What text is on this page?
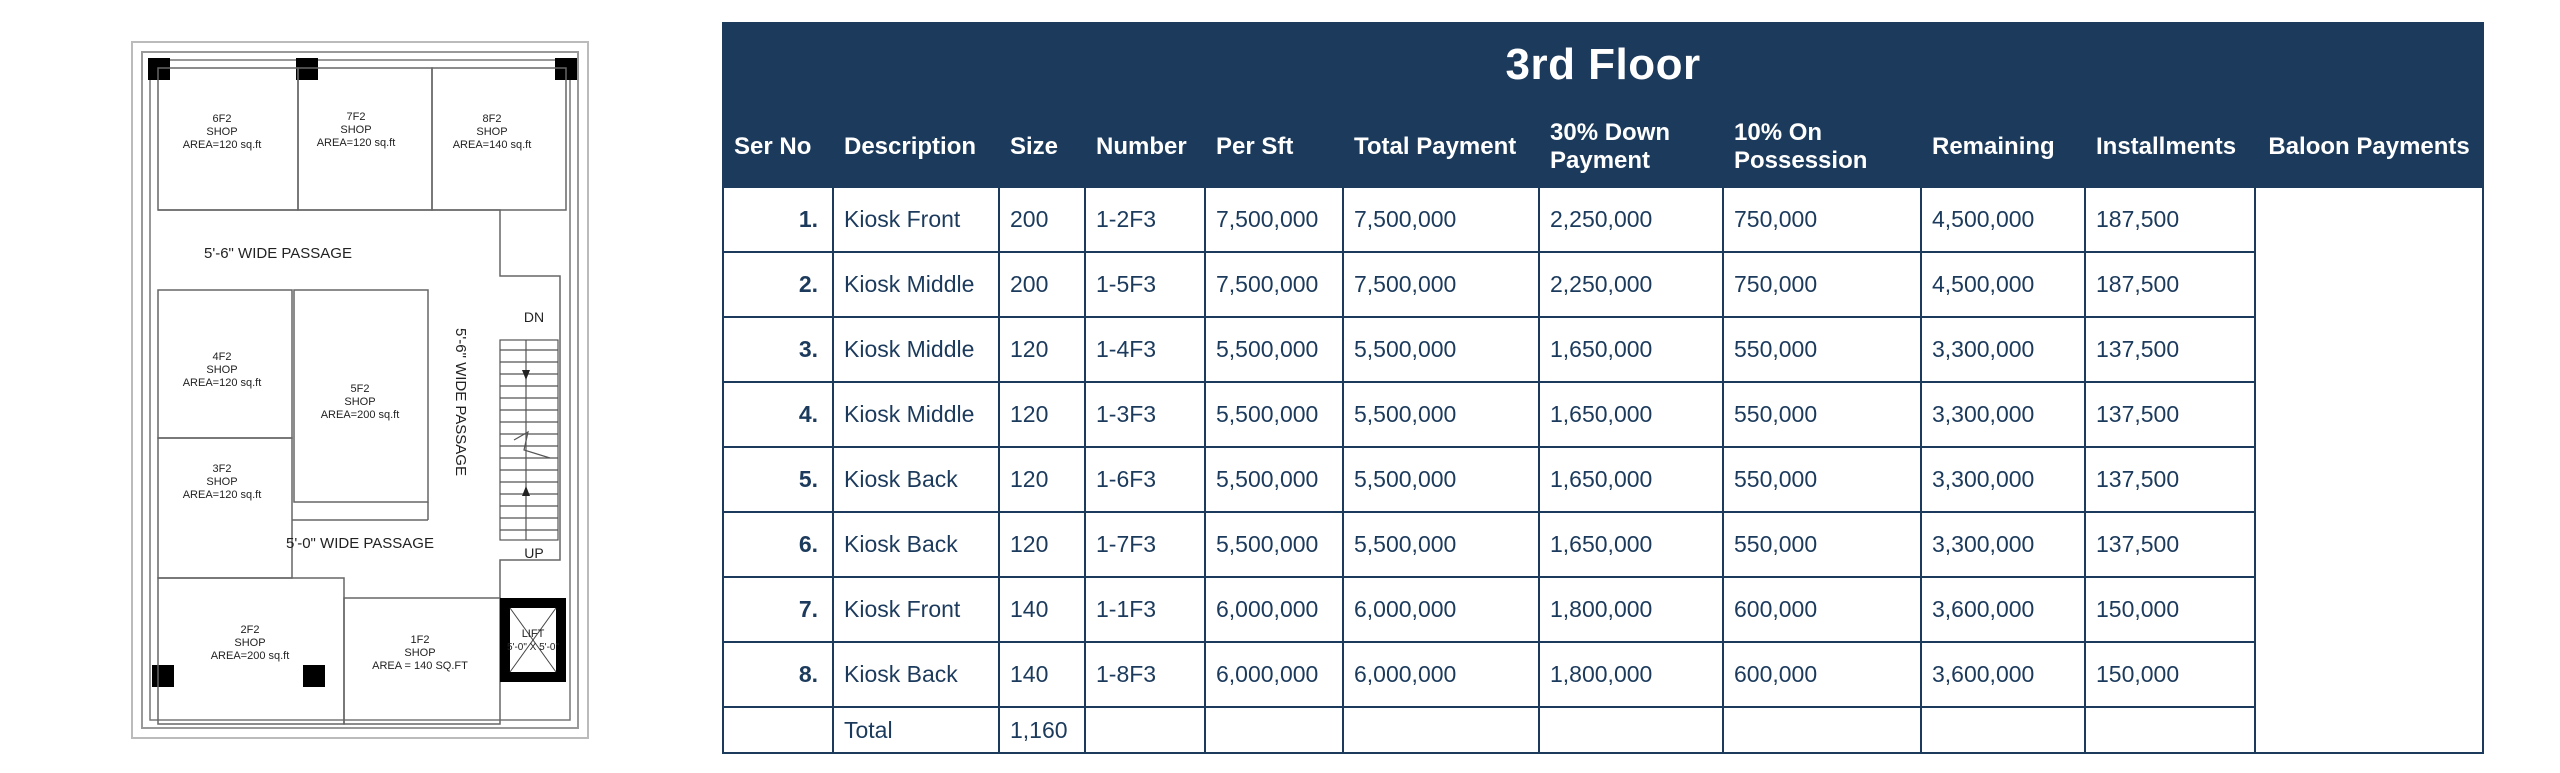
6F2
SHOP
AREA=120 sq.ft
7F2
SHOP
AREA=120 sq.ft
8F2
SHOP
AREA=140 sq.ft
4F2
SHOP
AREA=120 sq.ft	5F2
SHOP
AREA=200 sq.ft
3F2
SHOP
AREA=120 sq.ft
2F2
SHOP
AREA=200 sq.ft
1F2
SHOP
AREA = 140 SQ.FT
5'-6" WIDE PASSAGE
5'-6" WIDE PASSAGE
5'-0" WIDE PASSAGE
DN
UP
LIFT
5'-0" X 5'-0"
3rd Floor										
Ser No	Description	Size	Number	Per Sft	Total Payment	30% Down Payment	10% On Possession	Remaining	Installments	Baloon Payments
1.	Kiosk Front	200	1-2F3	7,500,000	7,500,000	2,250,000	750,000	4,500,000	187,500	
2.	Kiosk Middle	200	1-5F3	7,500,000	7,500,000	2,250,000	750,000	4,500,000	187,500	
3.	Kiosk Middle	120	1-4F3	5,500,000	5,500,000	1,650,000	550,000	3,300,000	137,500	
4.	Kiosk Middle	120	1-3F3	5,500,000	5,500,000	1,650,000	550,000	3,300,000	137,500	
5.	Kiosk Back	120	1-6F3	5,500,000	5,500,000	1,650,000	550,000	3,300,000	137,500	
6.	Kiosk Back	120	1-7F3	5,500,000	5,500,000	1,650,000	550,000	3,300,000	137,500	
7.	Kiosk Front	140	1-1F3	6,000,000	6,000,000	1,800,000	600,000	3,600,000	150,000	
8.	Kiosk Back	140	1-8F3	6,000,000	6,000,000	1,800,000	600,000	3,600,000	150,000	
	Total	1,160								
